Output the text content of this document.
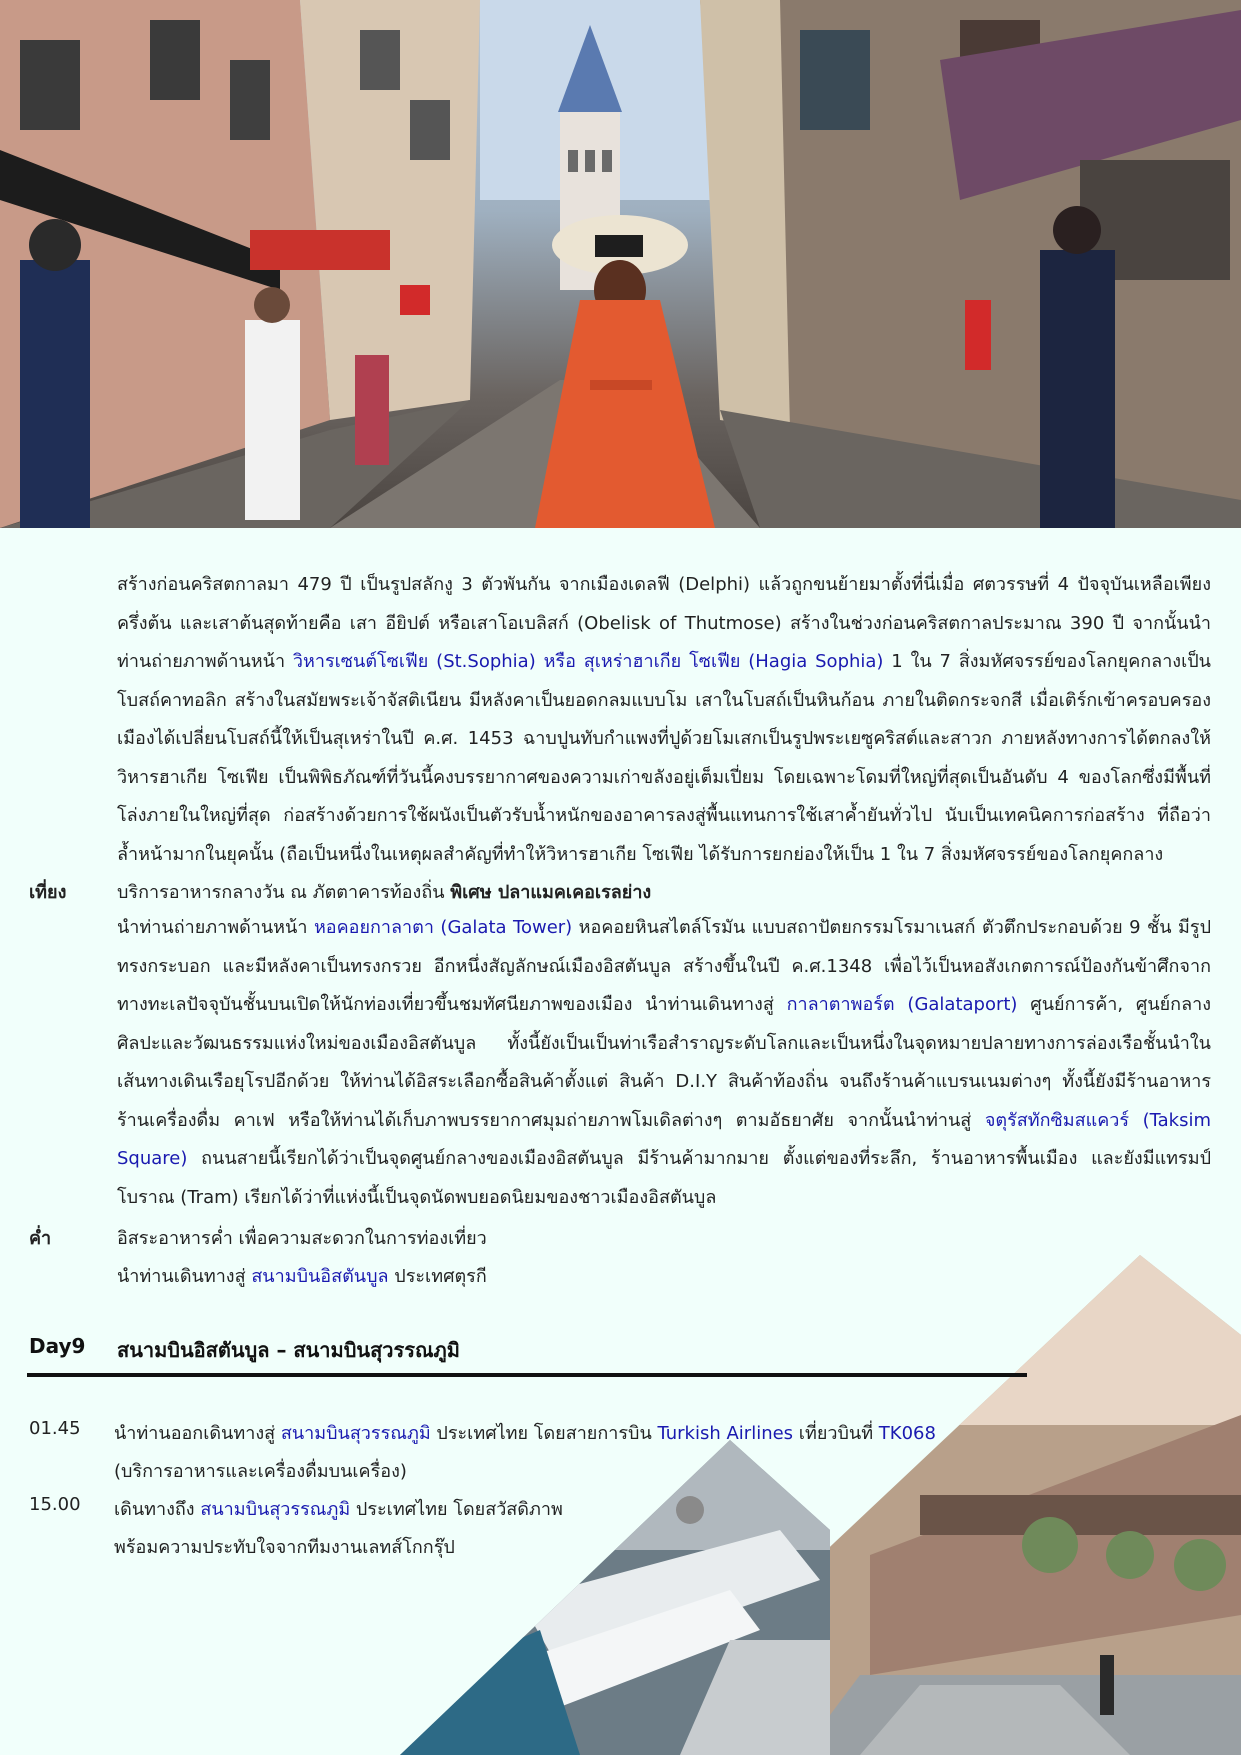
สร้างก่อนคริสตกาลมา 479 ปี เป็นรูปสลักงู 3 ตัวพันกัน จากเมืองเดลฟี (Delphi) แล้วถูกขนย้ายมาตั้งที่นี่เมื่อ ศตวรรษที่ 4 ปัจจุบันเหลือเพียงครึ่งต้น และเสาต้นสุดท้ายคือ เสา อียิปต์ หรือเสาโอเบลิสก์ (Obelisk of Thutmose) สร้างในช่วงก่อนคริสตกาลประมาณ 390 ปี จากนั้นนำท่านถ่ายภาพด้านหน้า วิหารเซนต์โซเฟีย (St.Sophia) หรือ สุเหร่าฮาเกีย โซเฟีย (Hagia Sophia) 1 ใน 7 สิ่งมหัศจรรย์ของโลกยุคกลางเป็นโบสถ์คาทอลิก สร้างในสมัยพระเจ้าจัสติเนียน มีหลังคาเป็นยอดกลมแบบโม เสาในโบสถ์เป็นหินก้อน ภายในติดกระจกสี เมื่อเติร์กเข้าครอบครองเมืองได้เปลี่ยนโบสถ์นี้ให้เป็นสุเหร่าในปี ค.ศ. 1453 ฉาบปูนทับกำแพงที่ปูด้วยโมเสกเป็นรูปพระเยซูคริสต์และสาวก ภายหลังทางการได้ตกลงให้วิหารฮาเกีย โซเฟีย เป็นพิพิธภัณฑ์ที่วันนี้คงบรรยากาศของความเก่าขลังอยู่เต็มเปี่ยม โดยเฉพาะโดมที่ใหญ่ที่สุดเป็นอันดับ 4 ของโลกซึ่งมีพื้นที่โล่งภายในใหญ่ที่สุด ก่อสร้างด้วยการใช้ผนังเป็นตัวรับน้ำหนักของอาคารลงสู่พื้นแทนการใช้เสาค้ำยันทั่วไป นับเป็นเทคนิคการก่อสร้าง ที่ถือว่าล้ำหน้ามากในยุคนั้น (ถือเป็นหนึ่งในเหตุผลสำคัญที่ทำให้วิหารฮาเกีย โซเฟีย ได้รับการยกย่องให้เป็น 1 ใน 7 สิ่งมหัศจรรย์ของโลกยุคกลาง
เที่ยง	บริการอาหารกลางวัน ณ ภัตตาคารท้องถิ่น พิเศษ ปลาแมคเคอเรลย่าง
นำท่านถ่ายภาพด้านหน้า หอคอยกาลาตา (Galata Tower) หอคอยหินสไตล์โรมัน แบบสถาปัตยกรรมโรมาเนสก์ ตัวตึกประกอบด้วย 9 ชั้น มีรูปทรงกระบอก และมีหลังคาเป็นทรงกรวย อีกหนึ่งสัญลักษณ์เมืองอิสตันบูล สร้างขึ้นในปี ค.ศ.1348 เพื่อไว้เป็นหอสังเกตการณ์ป้องกันข้าศึกจากทางทะเลปัจจุบันชั้นบนเปิดให้นักท่องเที่ยวขึ้นชมทัศนียภาพของเมือง นำท่านเดินทางสู่ กาลาตาพอร์ต (Galataport) ศูนย์การค้า, ศูนย์กลางศิลปะและวัฒนธรรมแห่งใหม่ของเมืองอิสตันบูล ทั้งนี้ยังเป็นเป็นท่าเรือสำราญระดับโลกและเป็นหนึ่งในจุดหมายปลายทางการล่องเรือชั้นนำในเส้นทางเดินเรือยุโรปอีกด้วย ให้ท่านได้อิสระเลือกซื้อสินค้าตั้งแต่ สินค้า D.I.Y สินค้าท้องถิ่น จนถึงร้านค้าแบรนเนมต่างๆ ทั้งนี้ยังมีร้านอาหาร ร้านเครื่องดื่ม คาเฟ หรือให้ท่านได้เก็บภาพบรรยากาศมุมถ่ายภาพโมเดิลต่างๆ ตามอัธยาศัย จากนั้นนำท่านสู่ จตุรัสทักซิมสแควร์ (Taksim Square) ถนนสายนี้เรียกได้ว่าเป็นจุดศูนย์กลางของเมืองอิสตันบูล มีร้านค้ามากมาย ตั้งแต่ของที่ระลึก, ร้านอาหารพื้นเมือง และยังมีแทรมป์โบราณ (Tram) เรียกได้ว่าที่แห่งนี้เป็นจุดนัดพบยอดนิยมของชาวเมืองอิสตันบูล
ค่ำ	อิสระอาหารค่ำ เพื่อความสะดวกในการท่องเที่ยว
นำท่านเดินทางสู่ สนามบินอิสตันบูล ประเทศตุรกี
Day9 สนามบินอิสตันบูล – สนามบินสุวรรณภูมิ
01.45 นำท่านออกเดินทางสู่ สนามบินสุวรรณภูมิ ประเทศไทย โดยสายการบิน Turkish Airlines เที่ยวบินที่ TK068
(บริการอาหารและเครื่องดื่มบนเครื่อง)
15.00 เดินทางถึง สนามบินสุวรรณภูมิ ประเทศไทย โดยสวัสดิภาพ
พร้อมความประทับใจจากทีมงานเลทส์โกกรุ๊ป
